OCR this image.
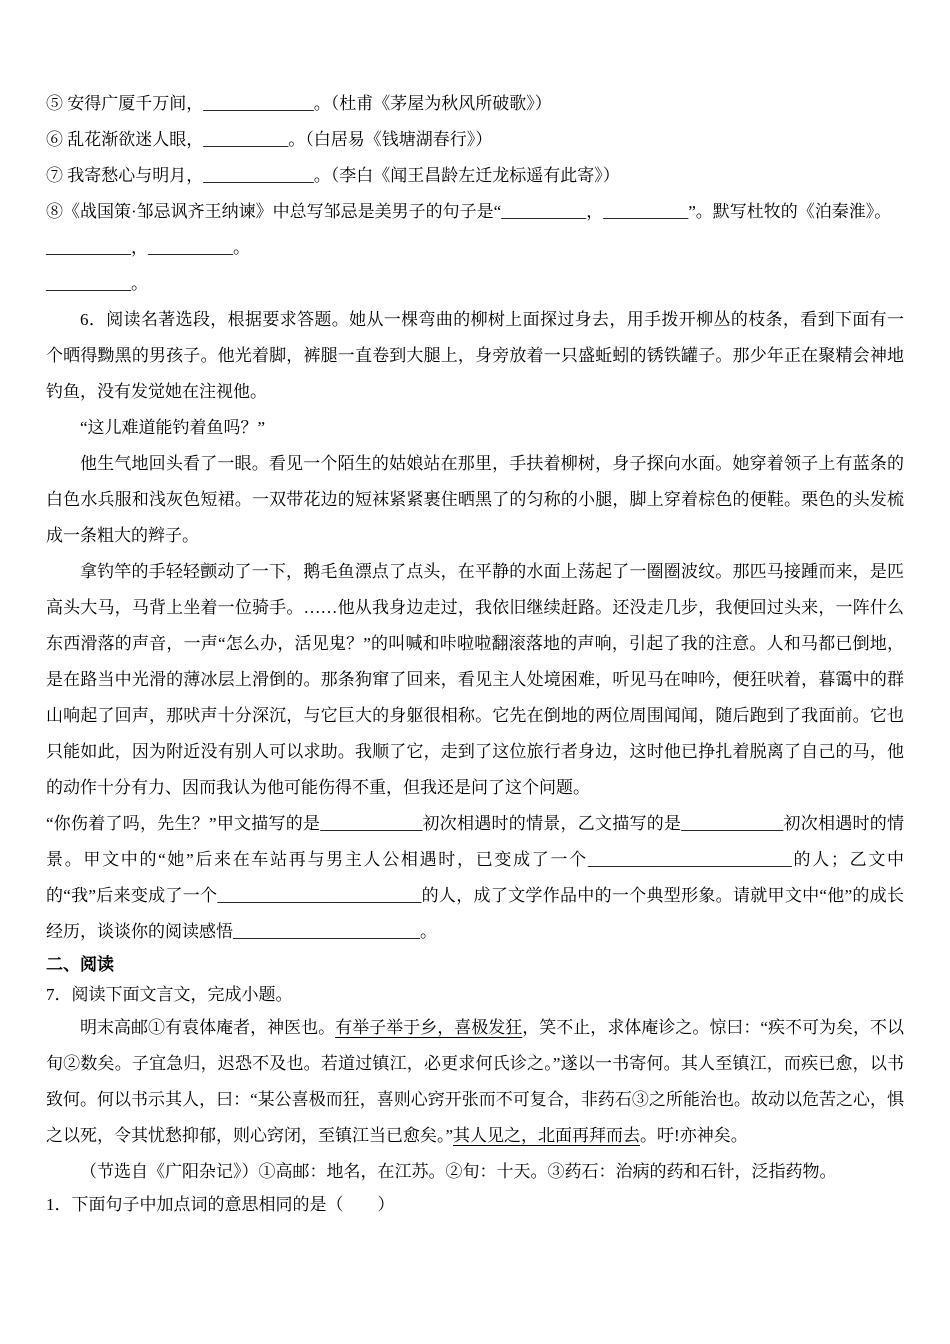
⑤ 安得广厦千万间，_____________。（杜甫《茅屋为秋风所破歌》）
⑥ 乱花渐欲迷人眼，__________。（白居易《钱塘湖春行》）
⑦ 我寄愁心与明月，_____________。（李白《闻王昌龄左迁龙标遥有此寄》）
⑧《战国策·邹忌讽齐王纳谏》中总写邹忌是美男子的句子是“__________，__________”。默写杜牧的《泊秦淮》。
__________，__________。
__________。
6．阅读名著选段，根据要求答题。她从一棵弯曲的柳树上面探过身去，用手拨开柳丛的枝条，看到下面有一个晒得黝黑的男孩子。他光着脚，裤腿一直卷到大腿上，身旁放着一只盛蚯蚓的锈铁罐子。那少年正在聚精会神地钓鱼，没有发觉她在注视他。
“这儿难道能钓着鱼吗？”
他生气地回头看了一眼。看见一个陌生的姑娘站在那里，手扶着柳树，身子探向水面。她穿着领子上有蓝条的白色水兵服和浅灰色短裙。一双带花边的短袜紧紧裹住晒黑了的匀称的小腿，脚上穿着棕色的便鞋。栗色的头发梳成一条粗大的辫子。
拿钓竿的手轻轻颤动了一下，鹅毛鱼漂点了点头，在平静的水面上荡起了一圈圈波纹。那匹马接踵而来，是匹高头大马，马背上坐着一位骑手。……他从我身边走过，我依旧继续赶路。还没走几步，我便回过头来，一阵什么东西滑落的声音，一声“怎么办，活见鬼？”的叫喊和咔啦啦翻滚落地的声响，引起了我的注意。人和马都已倒地，是在路当中光滑的薄冰层上滑倒的。那条狗窜了回来，看见主人处境困难，听见马在呻吟，便狂吠着，暮霭中的群山响起了回声，那吠声十分深沉，与它巨大的身躯很相称。它先在倒地的两位周围闻闻，随后跑到了我面前。它也只能如此，因为附近没有别人可以求助。我顺了它，走到了这位旅行者身边，这时他已挣扎着脱离了自己的马，他的动作十分有力、因而我认为他可能伤得不重，但我还是问了这个问题。
“你伤着了吗，先生？”甲文描写的是____________初次相遇时的情景，乙文描写的是____________初次相遇时的情景。甲文中的“她”后来在车站再与男主人公相遇时，已变成了一个________________________的人；乙文中的“我”后来变成了一个________________________的人，成了文学作品中的一个典型形象。请就甲文中“他”的成长经历，谈谈你的阅读感悟______________________。
二、阅读
7．阅读下面文言文，完成小题。
明末高邮①有袁体庵者，神医也。有举子举于乡，喜极发狂，笑不止，求体庵诊之。惊曰：“疾不可为矣，不以旬②数矣。子宜急归，迟恐不及也。若道过镇江，必更求何氏诊之。”遂以一书寄何。其人至镇江，而疾已愈，以书致何。何以书示其人，曰：“某公喜极而狂，喜则心窍开张而不可复合，非药石③之所能治也。故动以危苦之心，惧之以死，令其忧愁抑郁，则心窍闭，至镇江当已愈矣。”其人见之，北面再拜而去。吁!亦神矣。
（节选自《广阳杂记》）①高邮：地名，在江苏。②旬：十天。③药石：治病的药和石针，泛指药物。
1．下面句子中加点词的意思相同的是（　　）
